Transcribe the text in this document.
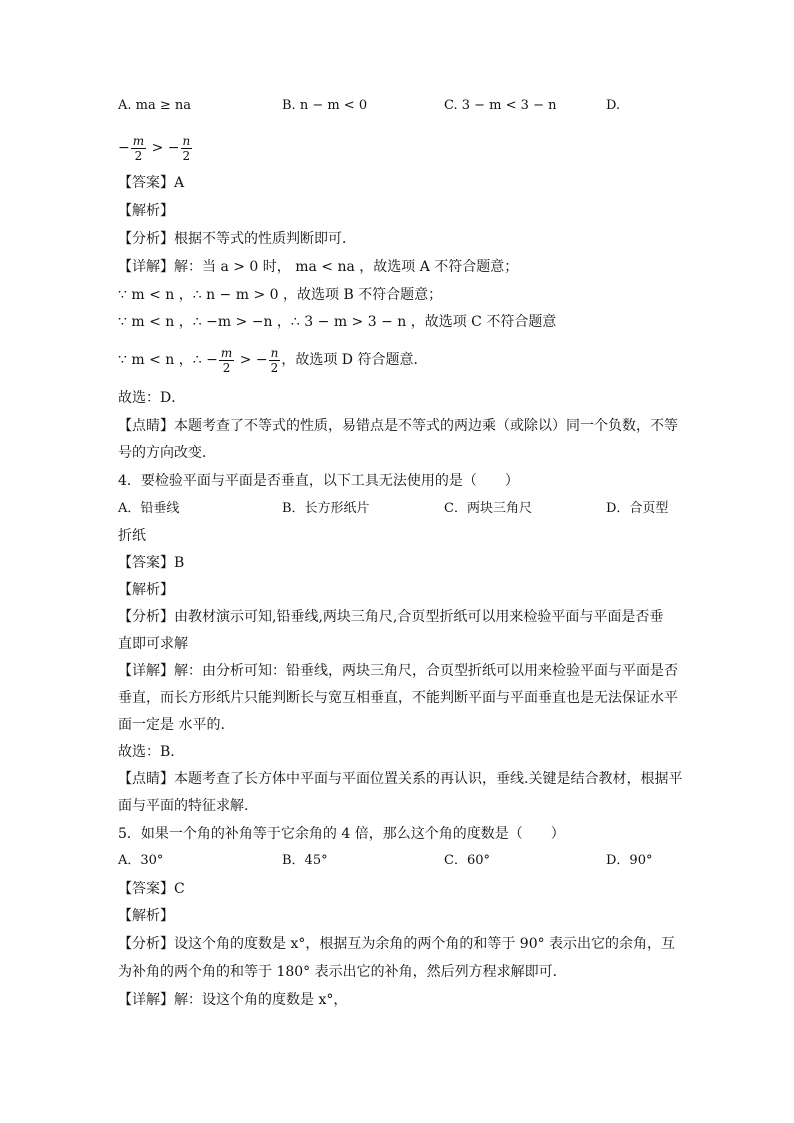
A. ma ≥ na	B. n − m < 0	C. 3 − m < 3 − n	D.
− $\frac{m}{2}$ > − $\frac{n}{2}$
【答案】A
【解析】
【分析】根据不等式的性质判断即可．
【详解】解：当 a > 0 时， ma < na ，故选项 A 不符合题意；
∵ m < n ，∴ n − m > 0 ，故选项 B 不符合题意；
∵ m < n ，∴ −m > −n ，∴ 3 − m > 3 − n ，故选项 C 不符合题意
∵ m < n ，∴ − $\frac{m}{2}$ > − $\frac{n}{2}$ ，故选项 D 符合题意．
故选：D．
【点睛】本题考查了不等式的性质，易错点是不等式的两边乘（或除以）同一个负数，不等
号的方向改变．
4．要检验平面与平面是否垂直，以下工具无法使用的是（　　）
A．铅垂线	B．长方形纸片	C．两块三角尺	D．合页型
折纸
【答案】B
【解析】
【分析】由教材演示可知,铅垂线,两块三角尺,合页型折纸可以用来检验平面与平面是否垂
直即可求解
【详解】解：由分析可知：铅垂线，两块三角尺，合页型折纸可以用来检验平面与平面是否
垂直，而长方形纸片只能判断长与宽互相垂直，不能判断平面与平面垂直也是无法保证水平
面一定是 水平的.
故选：B.
【点睛】本题考查了长方体中平面与平面位置关系的再认识，垂线.关键是结合教材，根据平
面与平面的特征求解.
5．如果一个角的补角等于它余角的 4 倍，那么这个角的度数是（　　）
A．30°	B．45°	C．60°	D．90°
【答案】C
【解析】
【分析】设这个角的度数是 x°，根据互为余角的两个角的和等于 90° 表示出它的余角，互
为补角的两个角的和等于 180° 表示出它的补角，然后列方程求解即可．
【详解】解：设这个角的度数是 x°，
